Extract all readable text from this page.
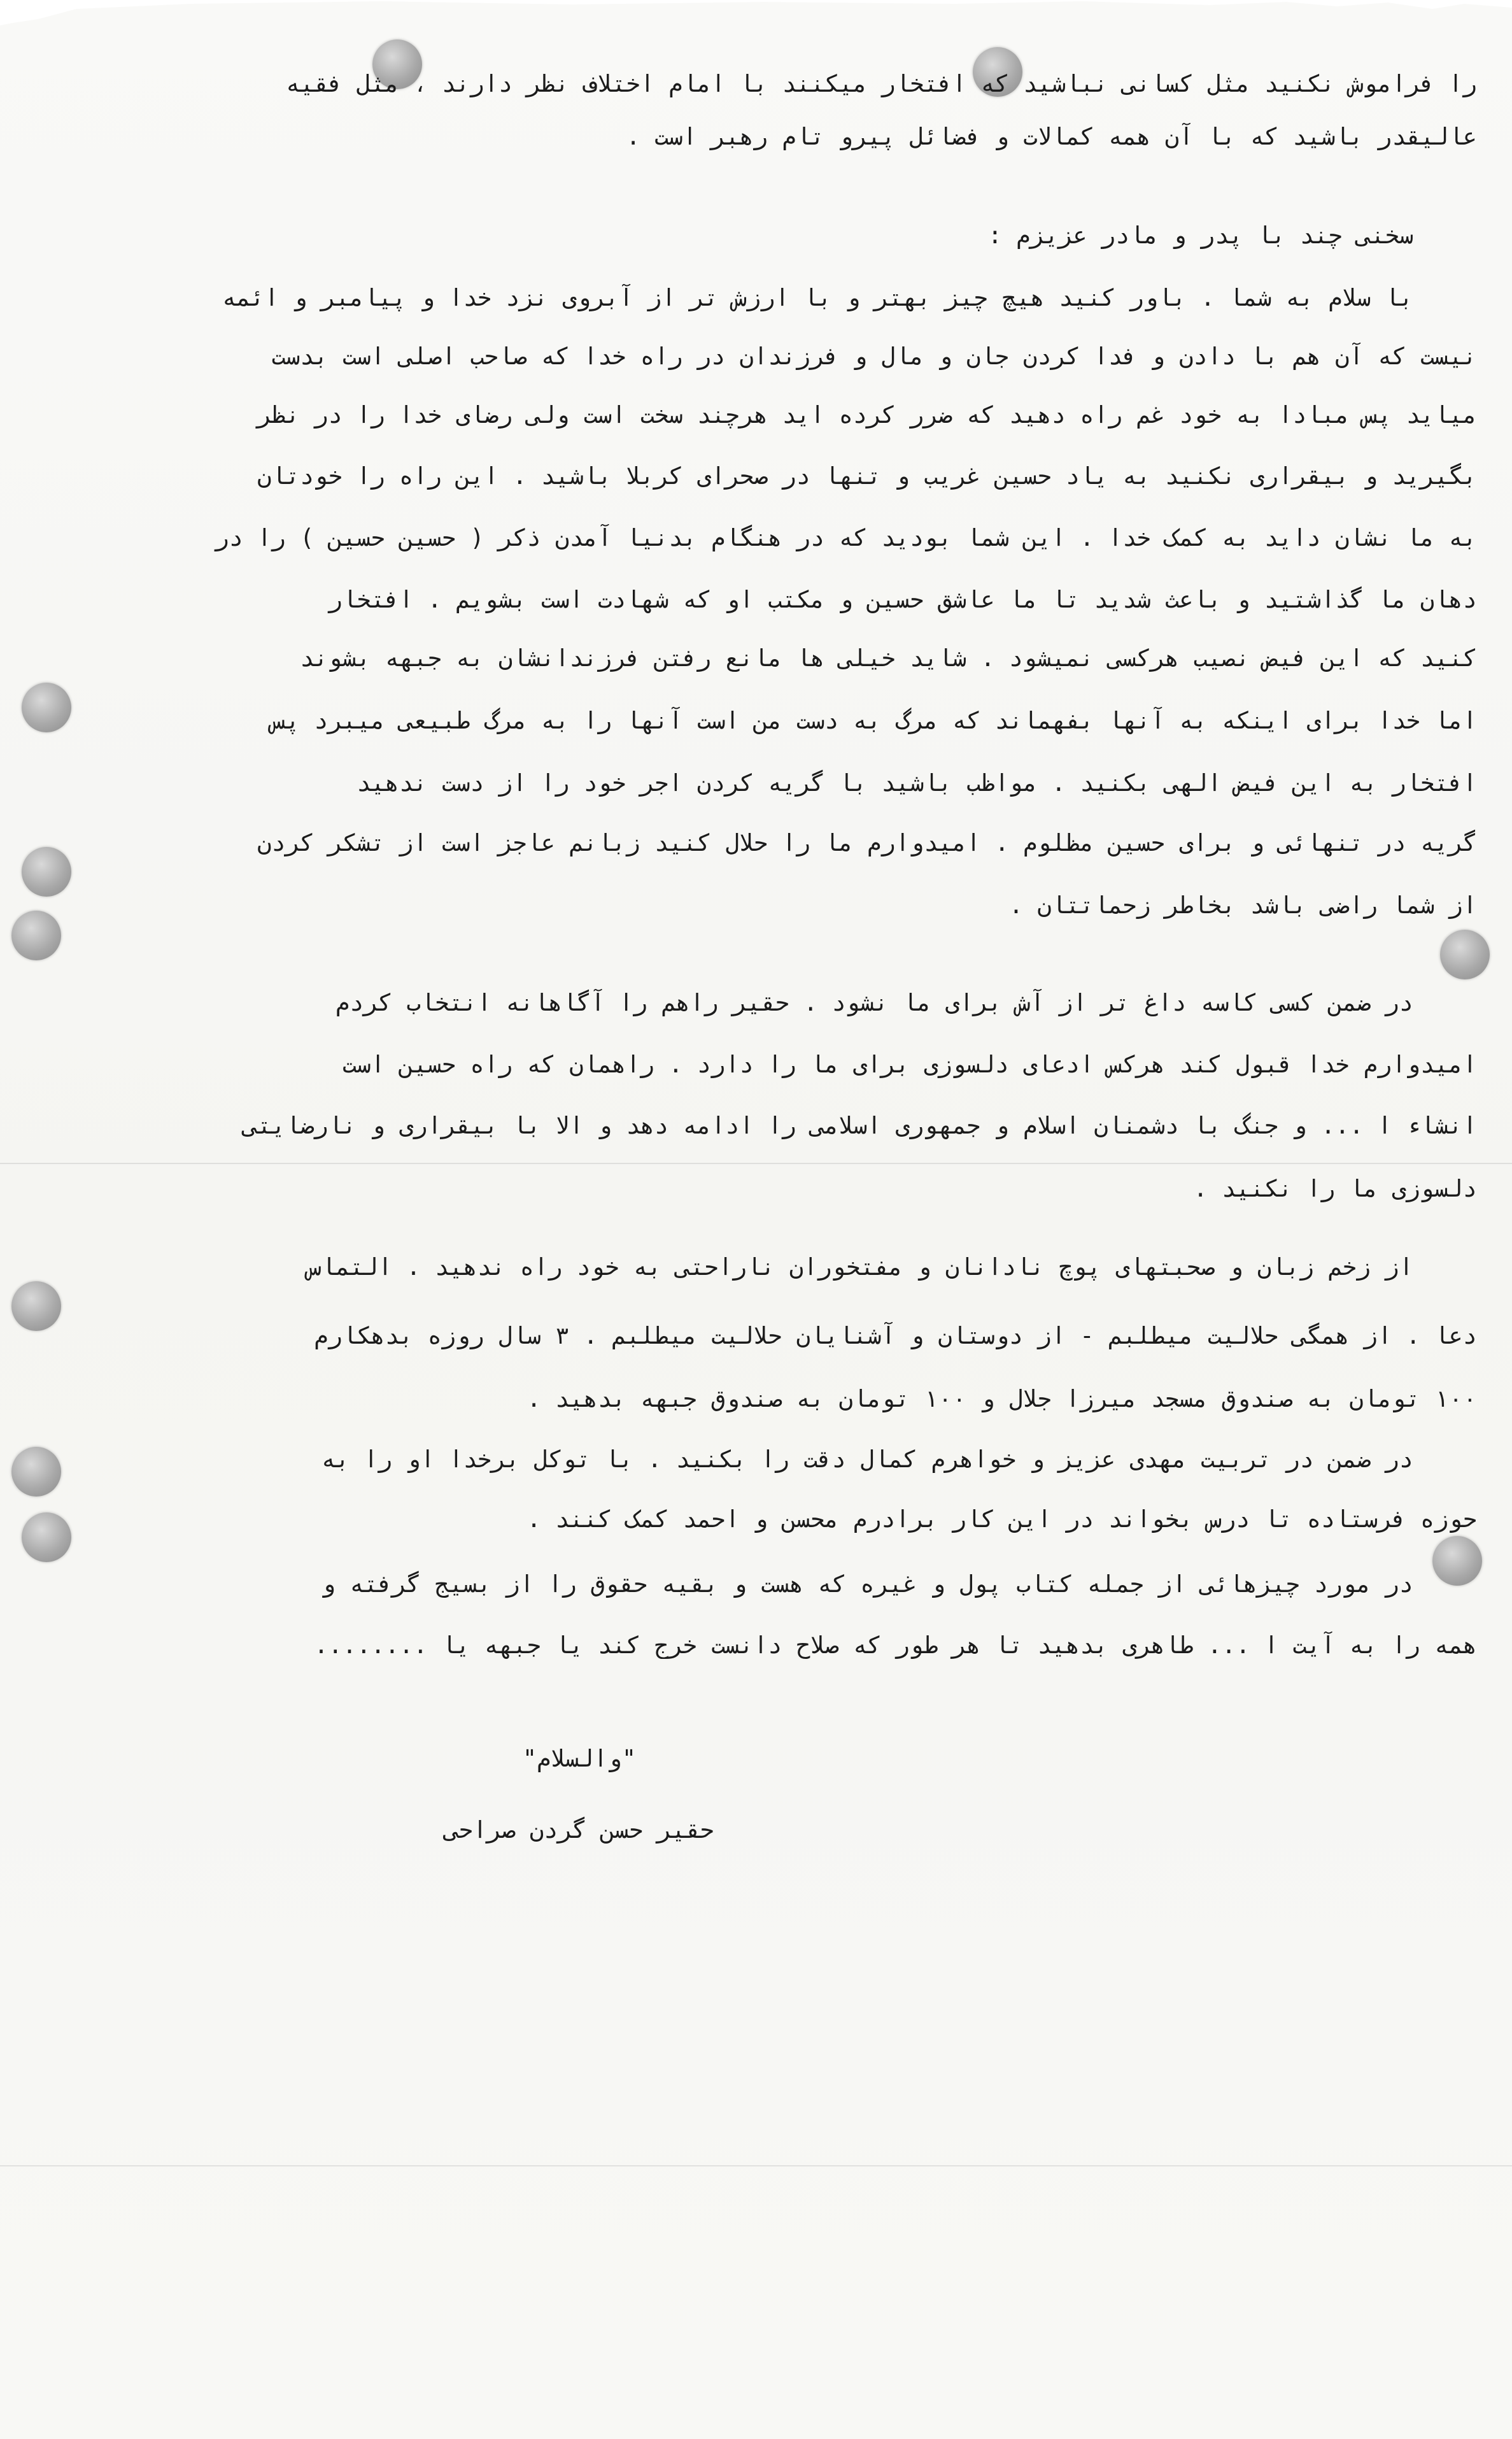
را فراموش نکنید مثل کسانی نباشید که افتخار میکنند با امام اختلاف نظر دارند ، مثل فقیه
عالیقدر باشید که با آن همه کمالات و فضائل پیرو تام رهبر است .
سخنی چند با پدر و مادر عزیزم :
با سلام به شما . باور کنید هیچ چیز بهتر و با ارزش تر از آبروی نزد خدا و پیامبر و ائمه
نیست که آن هم با دادن و فدا کردن جان و مال و فرزندان در راه خدا که صاحب اصلی است بدست
میاید پس مبادا به خود غم راه دهید که ضرر کرده اید هرچند سخت است ولی رضای خدا را در نظر
بگیرید و بیقراری نکنید به یاد حسین غریب و تنها در صحرای کربلا باشید . این راه را خودتان
به ما نشان داید به کمک خدا . این شما بودید که در هنگام بدنیا آمدن ذکر ( حسین حسین ) را در
دهان ما گذاشتید و باعث شدید تا ما عاشق حسین و مکتب او که شهادت است بشویم . افتخار
کنید که این فیض نصیب هرکسی نمیشود . شاید خیلی ها مانع رفتن فرزندانشان به جبهه بشوند
اما خدا برای اینکه به آنها بفهماند که مرگ به دست من است آنها را به مرگ طبیعی میبرد پس
افتخار به این فیض الهی بکنید . مواظب باشید با گریه کردن اجر خود را از دست ندهید
گریه در تنهائی و برای حسین مظلوم . امیدوارم ما را حلال کنید زبانم عاجز است از تشکر کردن
از شما راضی باشد بخاطر زحماتتان .
در ضمن کسی کاسه داغ تر از آش برای ما نشود . حقیر راهم را آگاهانه انتخاب کردم
امیدوارم خدا قبول کند هرکس ادعای دلسوزی برای ما را دارد . راهمان که راه حسین است
انشاء ا ... و جنگ با دشمنان اسلام و جمهوری اسلامی را ادامه دهد و الا با بیقراری و نارضایتی
دلسوزی ما را نکنید .
از زخم زبان و صحبتهای پوچ نادانان و مفتخوران ناراحتی به خود راه ندهید . التماس
دعا . از همگی حلالیت میطلبم - از دوستان و آشنایان حلالیت میطلبم . ۳ سال روزه بدهکارم
۱۰۰ تومان به صندوق مسجد میرزا جلال و ۱۰۰ تومان به صندوق جبهه بدهید .
در ضمن در تربیت مهدی عزیز و خواهرم کمال دقت را بکنید . با توکل برخدا او را به
حوزه فرستاده تا درس بخواند در این کار برادرم محسن و احمد کمک کنند .
در مورد چیزهائی از جمله کتاب پول و غیره که هست و بقیه حقوق را از بسیج گرفته و
همه را به آیت ا ... طاهری بدهید تا هر طور که صلاح دانست خرج کند یا جبهه یا ........
"والسلام"
حقیر حسن گردن صراحی
